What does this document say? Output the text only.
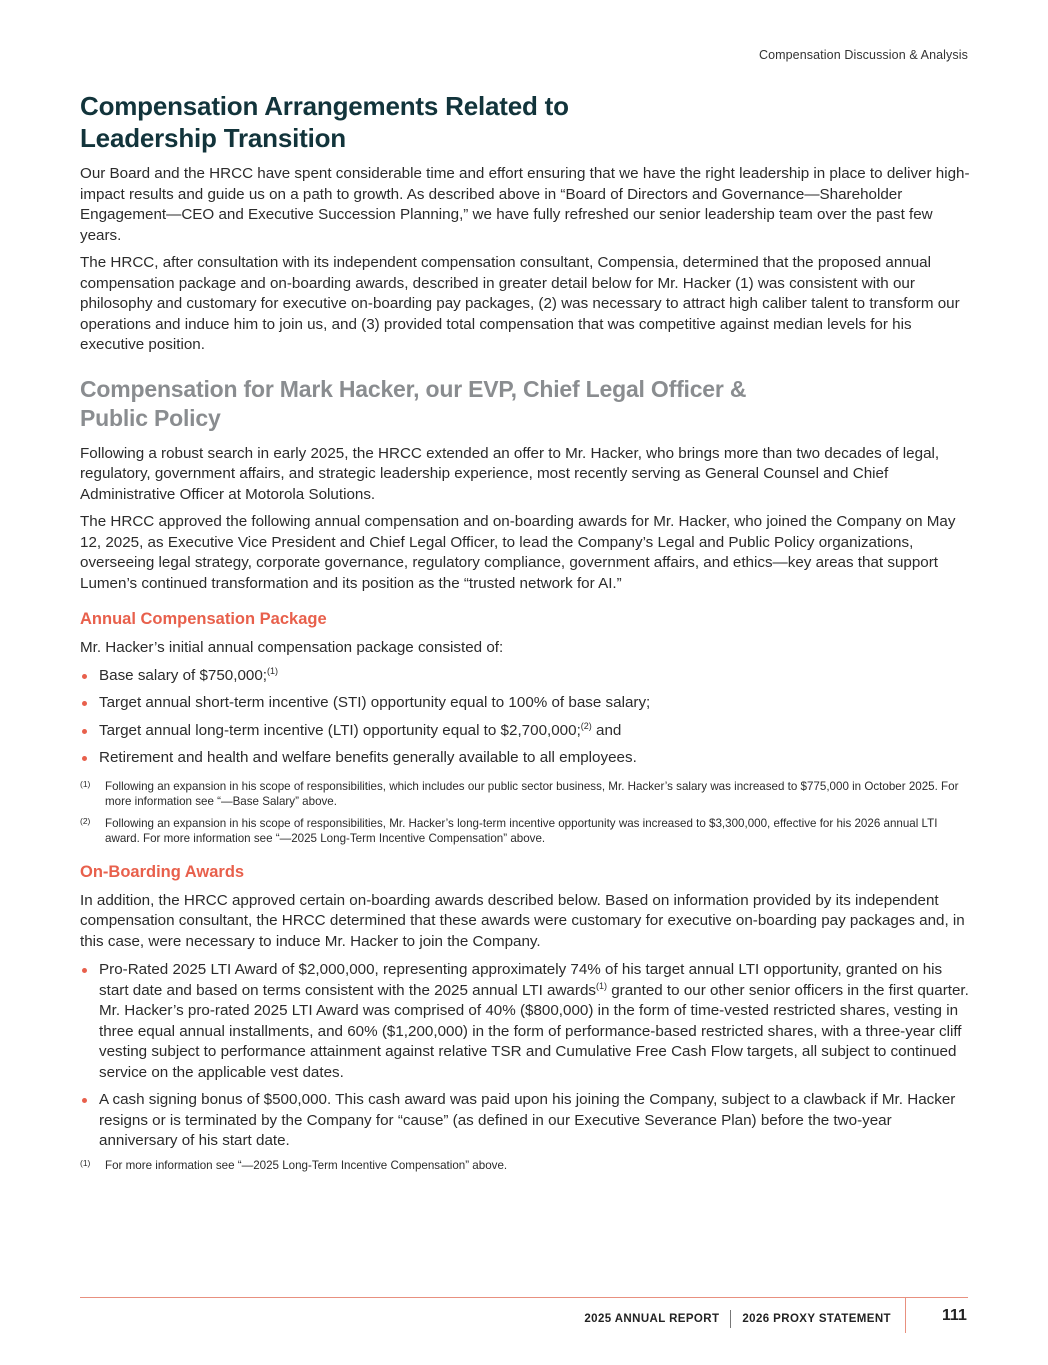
Compensation Discussion & Analysis
Compensation Arrangements Related to
Leadership Transition

Our Board and the HRCC have spent considerable time and effort ensuring that we have the right leadership in place to deliver high-impact results and guide us on a path to growth. As described above in “Board of Directors and Governance—Shareholder Engagement—CEO and Executive Succession Planning,” we have fully refreshed our senior leadership team over the past few years.

The HRCC, after consultation with its independent compensation consultant, Compensia, determined that the proposed annual compensation package and on-boarding awards, described in greater detail below for Mr. Hacker (1) was consistent with our philosophy and customary for executive on-boarding pay packages, (2) was necessary to attract high caliber talent to transform our operations and induce him to join us, and (3) provided total compensation that was competitive against median levels for his executive position.

Compensation for Mark Hacker, our EVP, Chief Legal Officer &
Public Policy

Following a robust search in early 2025, the HRCC extended an offer to Mr. Hacker, who brings more than two decades of legal, regulatory, government affairs, and strategic leadership experience, most recently serving as General Counsel and Chief Administrative Officer at Motorola Solutions.

The HRCC approved the following annual compensation and on-boarding awards for Mr. Hacker, who joined the Company on May 12, 2025, as Executive Vice President and Chief Legal Officer, to lead the Company’s Legal and Public Policy organizations, overseeing legal strategy, corporate governance, regulatory compliance, government affairs, and ethics—key areas that support Lumen’s continued transformation and its position as the “trusted network for AI.”

Annual Compensation Package

Mr. Hacker’s initial annual compensation package consisted of:

Base salary of $750,000;$^{(1)}$
Target annual short-term incentive (STI) opportunity equal to 100% of base salary;
Target annual long-term incentive (LTI) opportunity equal to $2,700,000;$^{(2)}$ and
Retirement and health and welfare benefits generally available to all employees.
(1) Following an expansion in his scope of responsibilities, which includes our public sector business, Mr. Hacker’s salary was increased to $775,000 in October 2025. For more information see “—Base Salary” above.
(2) Following an expansion in his scope of responsibilities, Mr. Hacker’s long-term incentive opportunity was increased to $3,300,000, effective for his 2026 annual LTI award. For more information see “—2025 Long-Term Incentive Compensation” above.
On-Boarding Awards

In addition, the HRCC approved certain on-boarding awards described below. Based on information provided by its independent compensation consultant, the HRCC determined that these awards were customary for executive on-boarding pay packages and, in this case, were necessary to induce Mr. Hacker to join the Company.

Pro-Rated 2025 LTI Award of $2,000,000, representing approximately 74% of his target annual LTI opportunity, granted on his start date and based on terms consistent with the 2025 annual LTI awards$^{(1)}$ granted to our other senior officers in the first quarter. Mr. Hacker’s pro-rated 2025 LTI Award was comprised of 40% ($800,000) in the form of time-vested restricted shares, vesting in three equal annual installments, and 60% ($1,200,000) in the form of performance-based restricted shares, with a three-year cliff vesting subject to performance attainment against relative TSR and Cumulative Free Cash Flow targets, all subject to continued service on the applicable vest dates.
A cash signing bonus of $500,000. This cash award was paid upon his joining the Company, subject to a clawback if Mr. Hacker resigns or is terminated by the Company for “cause” (as defined in our Executive Severance Plan) before the two-year anniversary of his start date.
(1) For more information see “—2025 Long-Term Incentive Compensation” above.
2025 ANNUAL REPORT 2026 PROXY STATEMENT	111
